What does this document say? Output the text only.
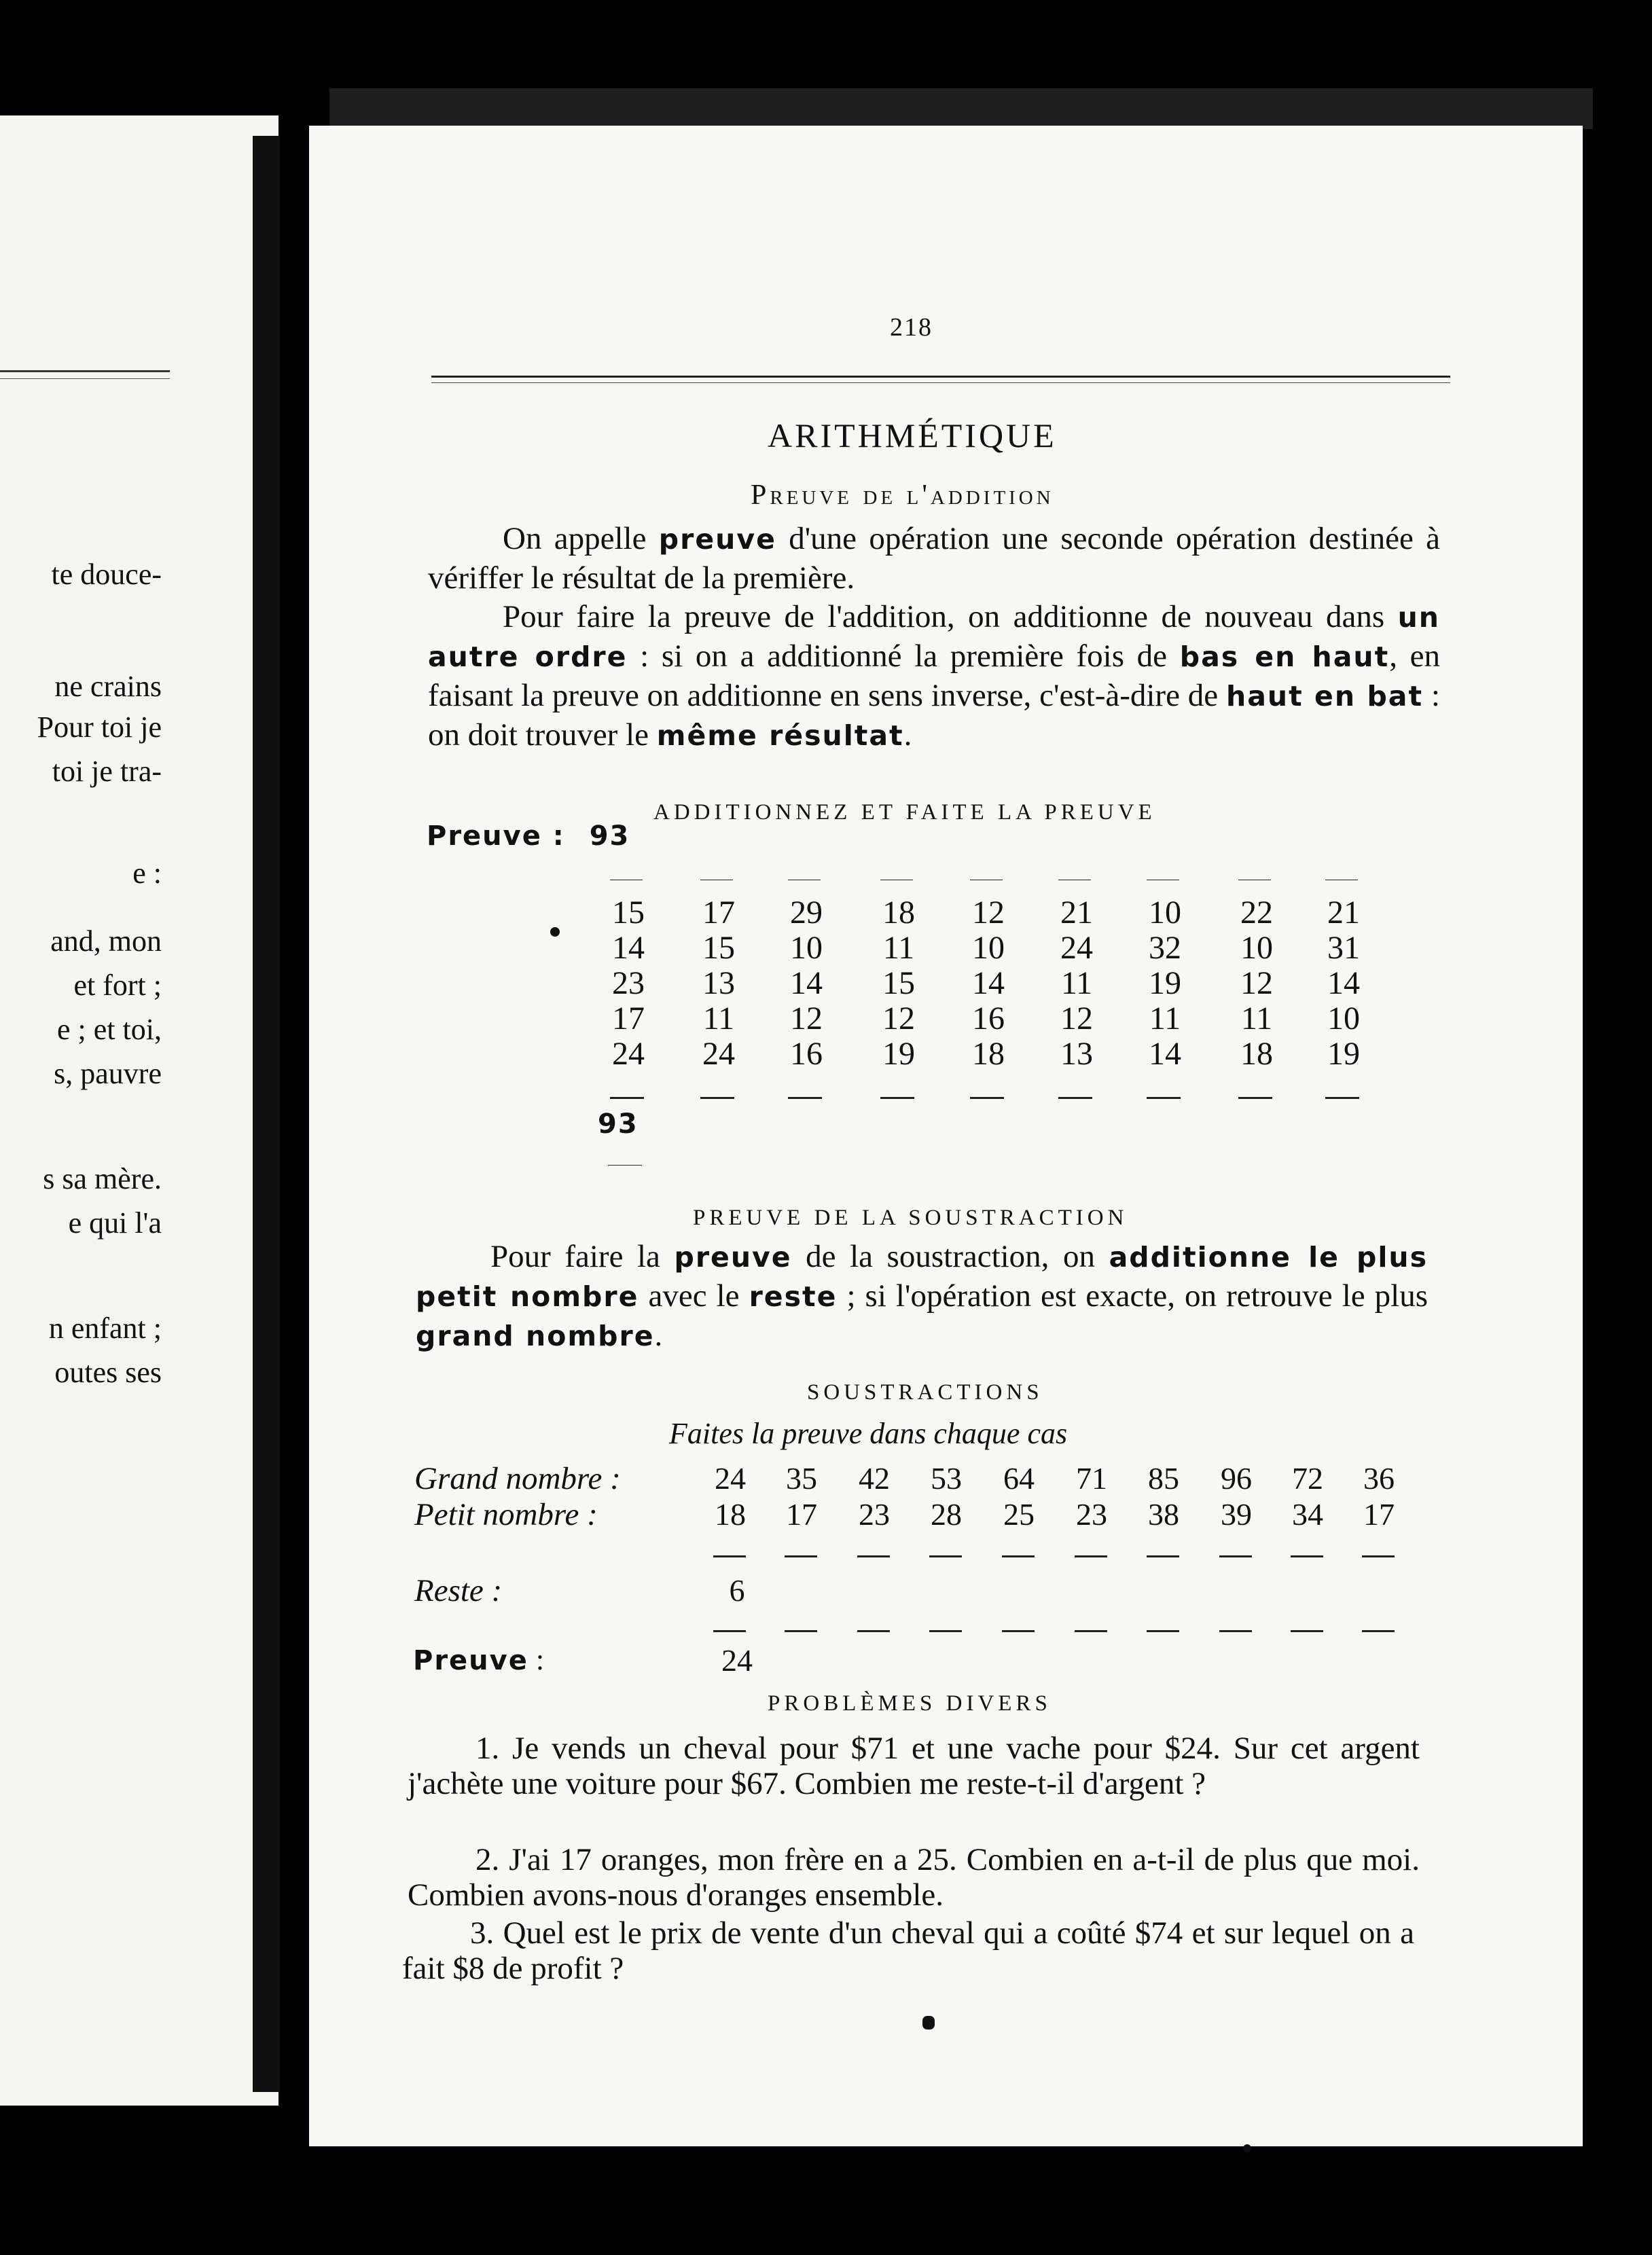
te douce-
ne crains
Pour toi je
toi je tra-
e :
and, mon
et fort ;
e ; et toi,
s, pauvre
s sa mère.
e qui l'a
n enfant ;
outes ses
218
ARITHMÉTIQUE
Preuve de l'addition
On appelle preuve d'une opération une seconde opération destinée à vériffer le résultat de la première.
Pour faire la preuve de l'addition, on additionne de nouveau dans un autre ordre : si on a additionné la première fois de bas en haut, en faisant la preuve on additionne en sens inverse, c'est-à-dire de haut en bat : on doit trouver le même résultat.
ADDITIONNEZ ET FAITE LA PREUVE
Preuve : 93
15
14
23
17
24
17
15
13
11
24
29
10
14
12
16
18
11
15
12
19
12
10
14
16
18
21
24
11
12
13
10
32
19
11
14
22
10
12
11
18
21
31
14
10
19
93
PREUVE DE LA SOUSTRACTION
Pour faire la preuve de la soustraction, on additionne le plus petit nombre avec le reste ; si l'opération est exacte, on retrouve le plus grand nombre.
SOUSTRACTIONS
Faites la preuve dans chaque cas
Grand nombre :
Petit nombre :
24
18
35
17
42
23
53
28
64
25
71
23
85
38
96
39
72
34
36
17
Reste :	6
Preuve :	24
PROBLÈMES DIVERS
1. Je vends un cheval pour $71 et une vache pour $24. Sur cet argent j'achète une voiture pour $67. Combien me reste-t-il d'argent ?
2. J'ai 17 oranges, mon frère en a 25. Combien en a-t-il de plus que moi. Combien avons-nous d'oranges ensemble.
3. Quel est le prix de vente d'un cheval qui a coûté $74 et sur lequel on a fait $8 de profit ?
